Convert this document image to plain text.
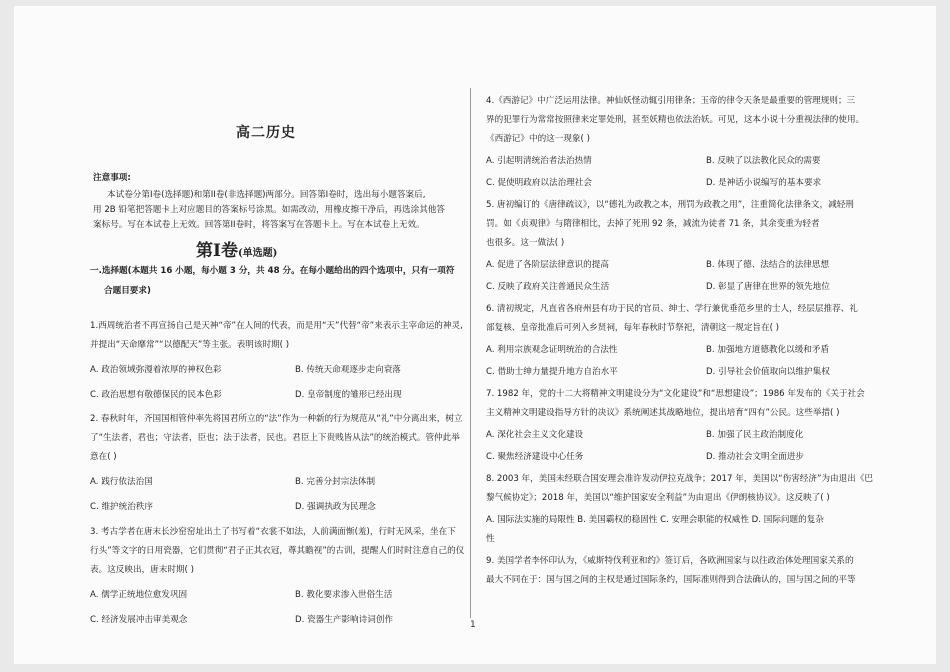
高二历史
注意事项:
本试卷分第I卷(选择题)和第II卷(非选择题)两部分。回答第I卷时，选出每小题答案后,
用 2B 铅笔把答题卡上对应题目的答案标号涂黑。如需改动，用橡皮擦干净后，再选涂其他答
案标号。写在本试卷上无效。回答第II卷时，将答案写在答题卡上。写在本试卷上无效。
第I卷(单选题)
一.选择题(本题共 16 小题，每小题 3 分，共 48 分。在每小题给出的四个选项中，只有一项符
合题目要求)
1.西周统治者不再宣扬自己是天神“帝”在人间的代表，而是用“天”代替“帝”来表示主宰命运的神灵,
并提出“天命靡常”“以德配天”等主张。表明该时期( )
A. 政治领域弥漫着浓厚的神权色彩	B. 传统天命观逐步走向衰落
C. 政治思想有敬德保民的民本色彩	D. 皇帝制度的雏形已经出现
2. 春秋时年，齐国国相管仲率先将国君所立的“法”作为一种新的行为规范从“礼”中分离出来，树立
了“生法者，君也；守法者，臣也；法于法者，民也。君臣上下贵贱皆从法”的统治模式。管仲此举
意在( )
A. 践行依法治国	B. 完善分封宗法体制
C. 维护统治秩序	D. 强调执政为民理念
3. 考古学者在唐末长沙窑窑址出土了书写着“衣裳不如法，人前满面惭(羞)，行时无风采，坐在下
行头”等文字的日用瓷器，它们贯彻“君子正其衣冠，尊其瞻视”的古训，提醒人们时时注意自己的仪
表。这反映出，唐末时期( )
A. 儒学正统地位愈发巩固	B. 教化要求渗入世俗生活
C. 经济发展冲击审美观念	D. 瓷器生产影响诗词创作
4.《西游记》中广泛运用法律。神仙妖怪动辄引用律条；玉帝的律令天条是最重要的管理规则；三
界的犯罪行为常常按照律来定罪处刑，甚至妖精也依法治妖。可见，这本小说十分重视法律的使用。
《西游记》中的这一现象( )
A. 引起明清统治者法治热情	B. 反映了以法教化民众的需要
C. 促使明政府以法治理社会	D. 是神话小说编写的基本要求
5. 唐初编订的《唐律疏议》，以“德礼为政教之本，刑罚为政教之用”，注重简化法律条文，减轻刑
罚。如《贞观律》与隋律相比，去掉了死刑 92 条，减流为徒者 71 条，其余变重为轻者
也很多。这一做法( )
A. 促进了各阶层法律意识的提高	B. 体现了德、法结合的法律思想
C. 反映了政府关注普通民众生活	D. 彰显了唐律在世界的领先地位
6. 清初规定，凡直省各府州县有功于民的官员、绅士、学行兼优垂范乡里的士人，经层层推荐、礼
部复核、皇帝批准后可列入乡贤祠，每年春秋时节祭祀，清朝这一规定旨在( )
A. 利用宗族观念证明统治的合法性	B. 加强地方道德教化以缓和矛盾
C. 借助士绅力量提升地方自治水平	D. 引导社会价值取向以维护集权
7. 1982 年，党的十二大将精神文明建设分为“文化建设”和“思想建设”；1986 年发布的《关于社会
主义精神文明建设指导方针的决议》系统阐述其战略地位，提出培育“四有”公民。这些举措( )
A. 深化社会主义文化建设	B. 加强了民主政治制度化
C. 聚焦经济建设中心任务	D. 推动社会文明全面进步
8. 2003 年，美国未经联合国安理会准许发动伊拉克战争；2017 年，美国以“伤害经济”为由退出《巴
黎气候协定》；2018 年，美国以“维护国家安全利益”为由退出《伊朗核协议》。这反映了( )
A. 国际法实施的局限性 B. 美国霸权的稳固性 C. 安理会职能的权威性 D. 国际问题的复杂
性
9. 美国学者李怀印认为，《威斯特伐利亚和约》签订后，各欧洲国家与以往政治体处理国家关系的
最大不同在于：国与国之间的主权是通过国际条约，国际准则得到合法确认的，国与国之间的平等
1
